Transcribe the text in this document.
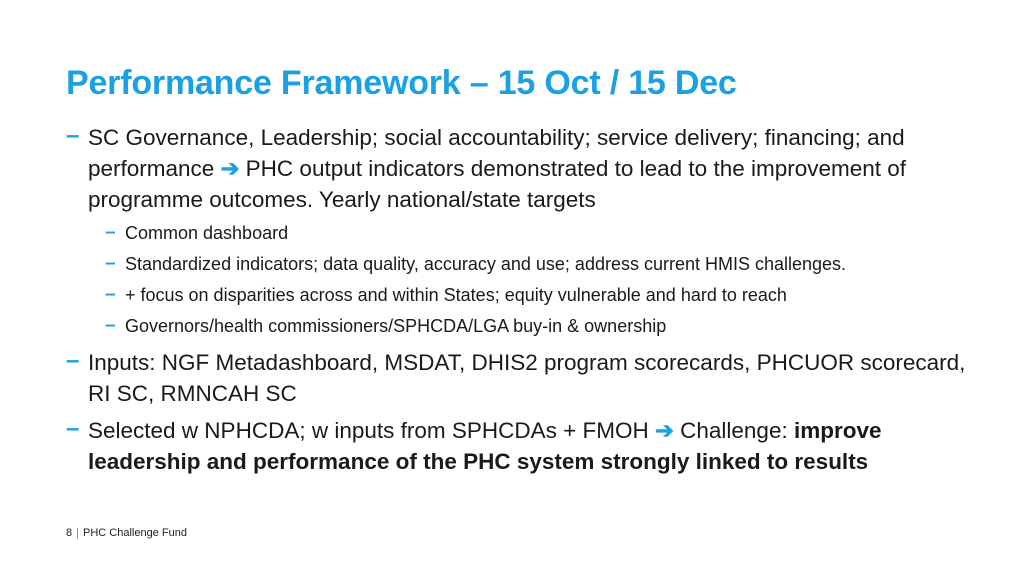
Performance Framework – 15 Oct / 15 Dec
– SC Governance, Leadership; social accountability; service delivery; financing; and performance ➔ PHC output indicators demonstrated to lead to the improvement of programme outcomes. Yearly national/state targets
– Common dashboard
– Standardized indicators; data quality, accuracy and use; address current HMIS challenges.
– + focus on disparities across and within States; equity vulnerable and hard to reach
– Governors/health commissioners/SPHCDA/LGA buy-in & ownership
– Inputs: NGF Metadashboard, MSDAT, DHIS2 program scorecards, PHCUOR scorecard, RI SC, RMNCAH SC
– Selected w NPHCDA; w inputs from SPHCDAs + FMOH ➔ Challenge: improve leadership and performance of the PHC system strongly linked to results
8 | PHC Challenge Fund
